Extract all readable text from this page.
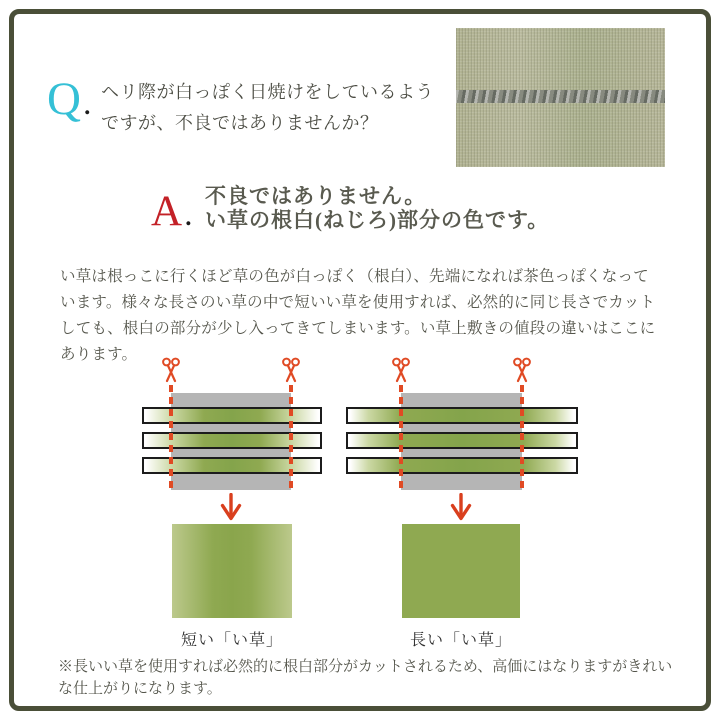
Q . ヘリ際が白っぽく日焼けをしているよう
ですが、不良ではありませんか？
A . 不良ではありません。
い草の根白(ねじろ)部分の色です。
い草は根っこに行くほど草の色が白っぽく（根白）、先端になれば茶色っぽくなっています。様々な長さのい草の中で短いい草を使用すれば、必然的に同じ長さでカットしても、根白の部分が少し入ってきてしまいます。い草上敷きの値段の違いはここにあります。
短い「い草」	長い「い草」
※長いい草を使用すれば必然的に根白部分がカットされるため、高価にはなりますがきれいな仕上がりになります。
